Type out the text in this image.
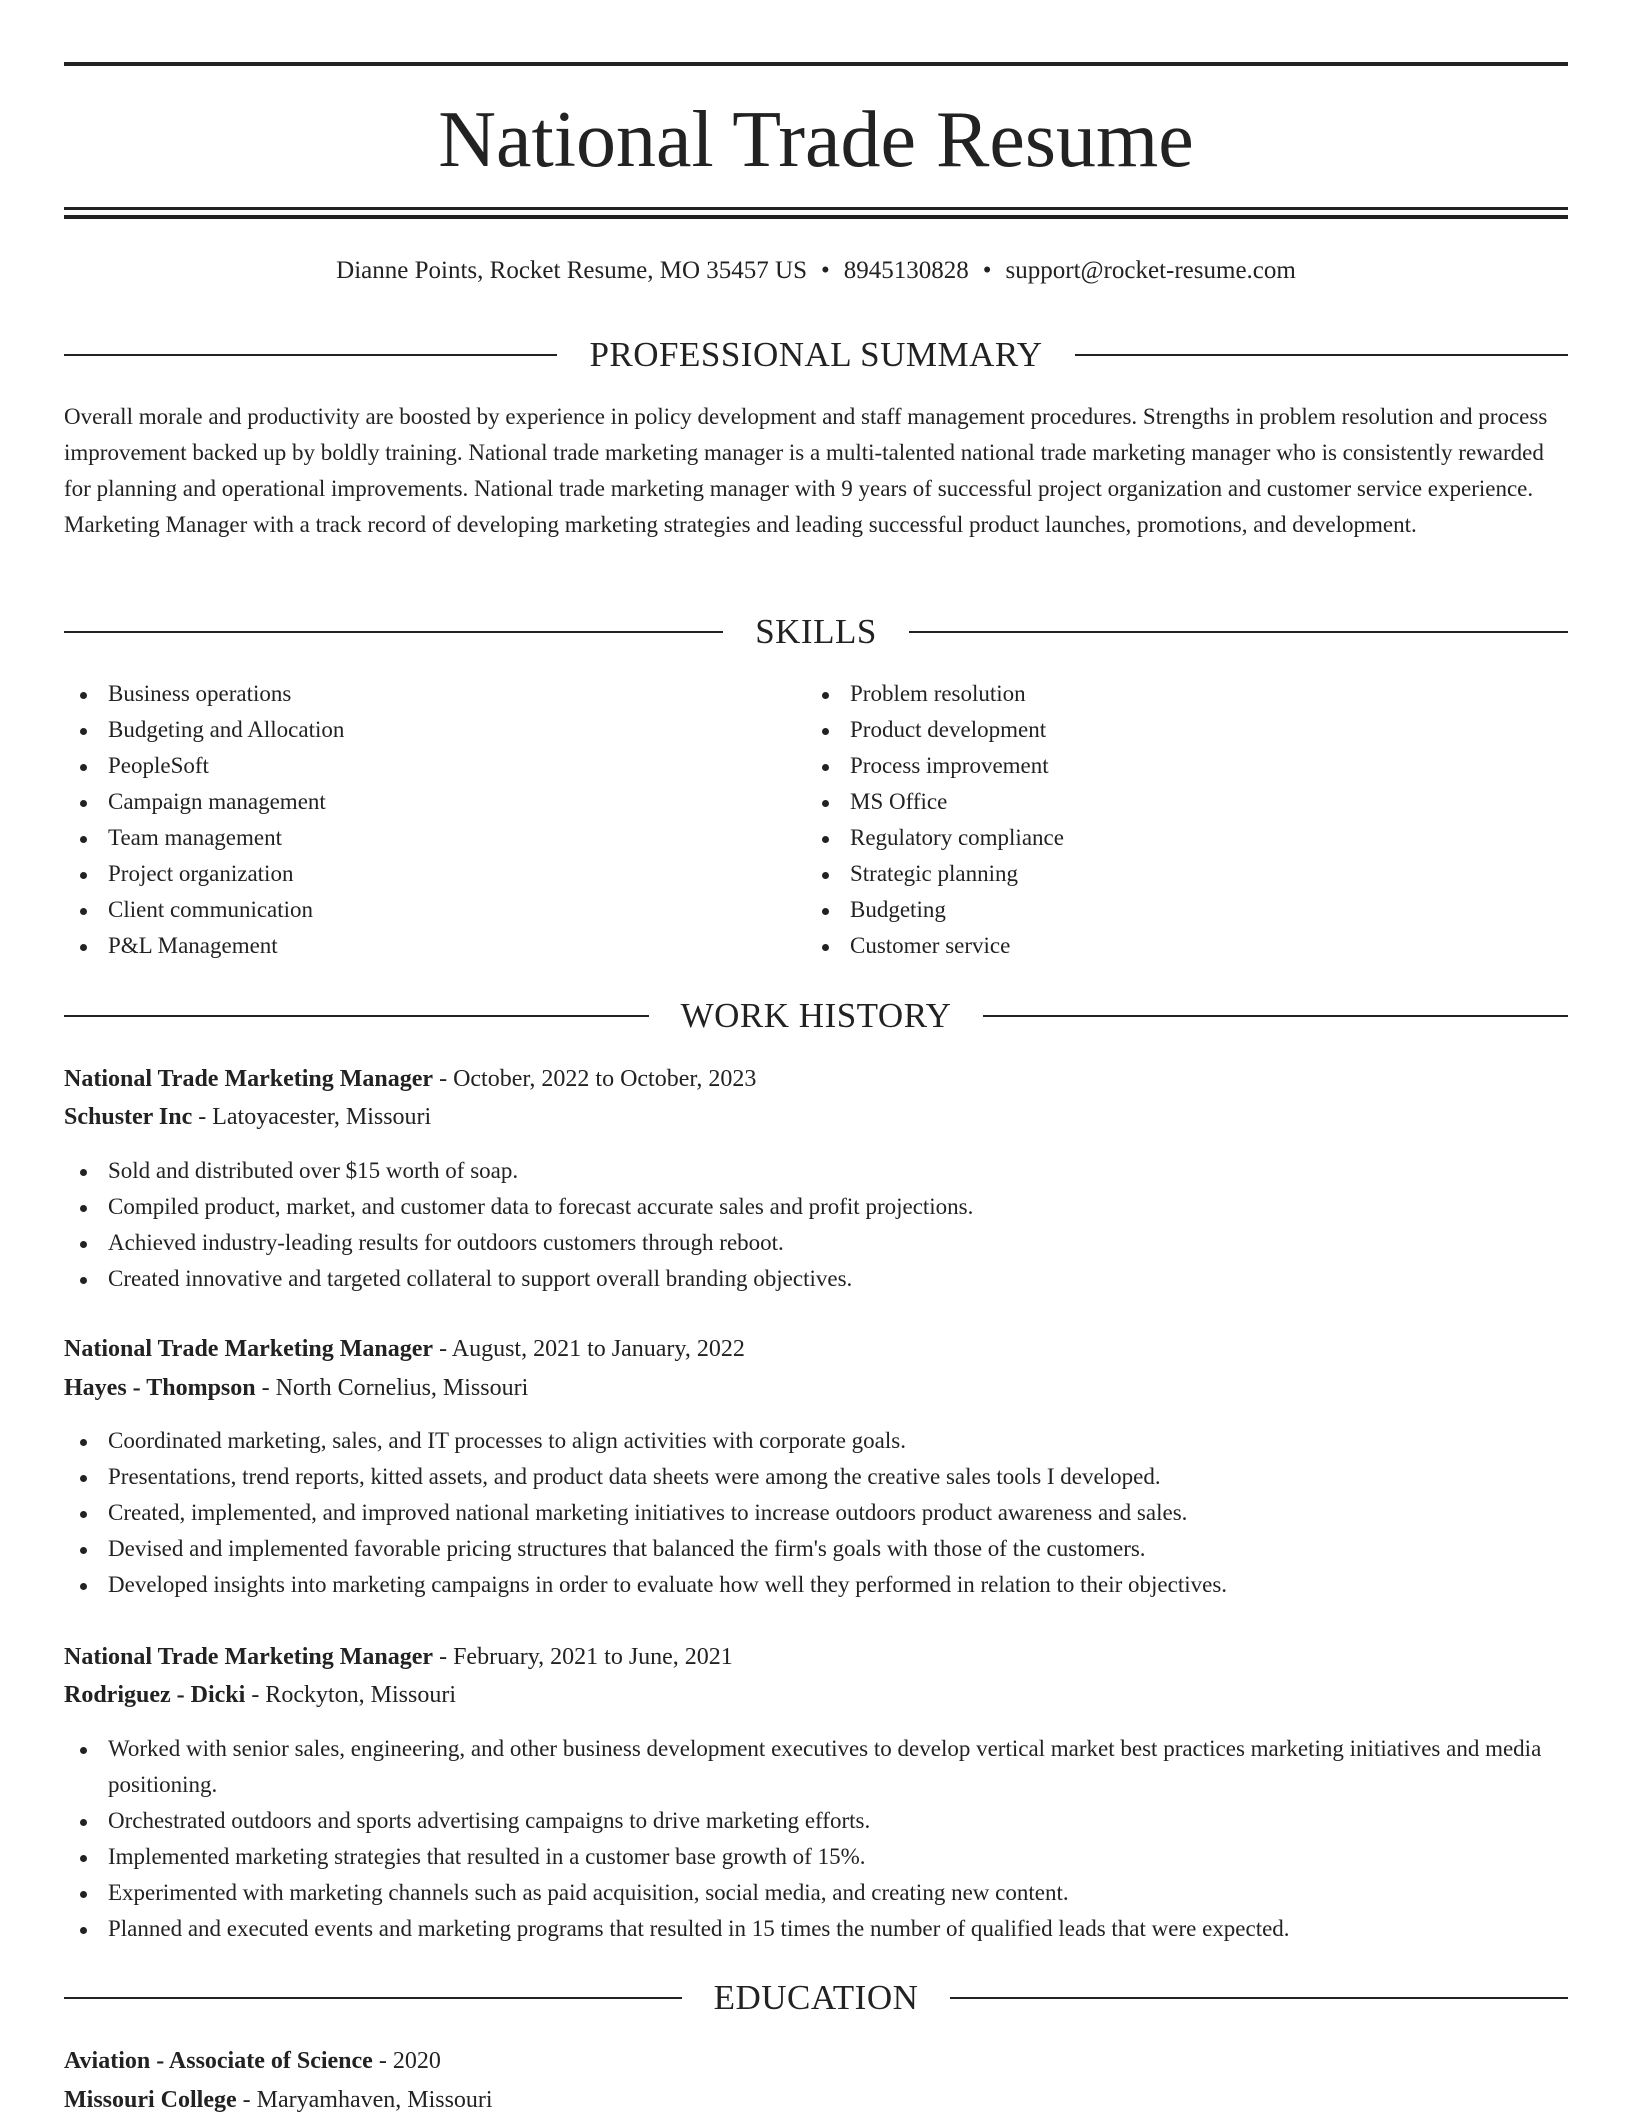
National Trade Resume
Dianne Points, Rocket Resume, MO 35457 US • 8945130828 • support@rocket-resume.com
PROFESSIONAL SUMMARY

Overall morale and productivity are boosted by experience in policy development and staff management procedures. Strengths in problem resolution and process improvement backed up by boldly training. National trade marketing manager is a multi-talented national trade marketing manager who is consistently rewarded for planning and operational improvements. National trade marketing manager with 9 years of successful project organization and customer service experience. Marketing Manager with a track record of developing marketing strategies and leading successful product launches, promotions, and development.

SKILLS
Business operations
Budgeting and Allocation
PeopleSoft
Campaign management
Team management
Project organization
Client communication
P&L Management
Problem resolution
Product development
Process improvement
MS Office
Regulatory compliance
Strategic planning
Budgeting
Customer service
WORK HISTORY
National Trade Marketing Manager - October, 2022 to October, 2023
Schuster Inc - Latoyacester, Missouri
Sold and distributed over $15 worth of soap.
Compiled product, market, and customer data to forecast accurate sales and profit projections.
Achieved industry-leading results for outdoors customers through reboot.
Created innovative and targeted collateral to support overall branding objectives.
National Trade Marketing Manager - August, 2021 to January, 2022
Hayes - Thompson - North Cornelius, Missouri
Coordinated marketing, sales, and IT processes to align activities with corporate goals.
Presentations, trend reports, kitted assets, and product data sheets were among the creative sales tools I developed.
Created, implemented, and improved national marketing initiatives to increase outdoors product awareness and sales.
Devised and implemented favorable pricing structures that balanced the firm's goals with those of the customers.
Developed insights into marketing campaigns in order to evaluate how well they performed in relation to their objectives.
National Trade Marketing Manager - February, 2021 to June, 2021
Rodriguez - Dicki - Rockyton, Missouri
Worked with senior sales, engineering, and other business development executives to develop vertical market best practices marketing initiatives and media positioning.
Orchestrated outdoors and sports advertising campaigns to drive marketing efforts.
Implemented marketing strategies that resulted in a customer base growth of 15%.
Experimented with marketing channels such as paid acquisition, social media, and creating new content.
Planned and executed events and marketing programs that resulted in 15 times the number of qualified leads that were expected.
EDUCATION
Aviation - Associate of Science - 2020
Missouri College - Maryamhaven, Missouri
